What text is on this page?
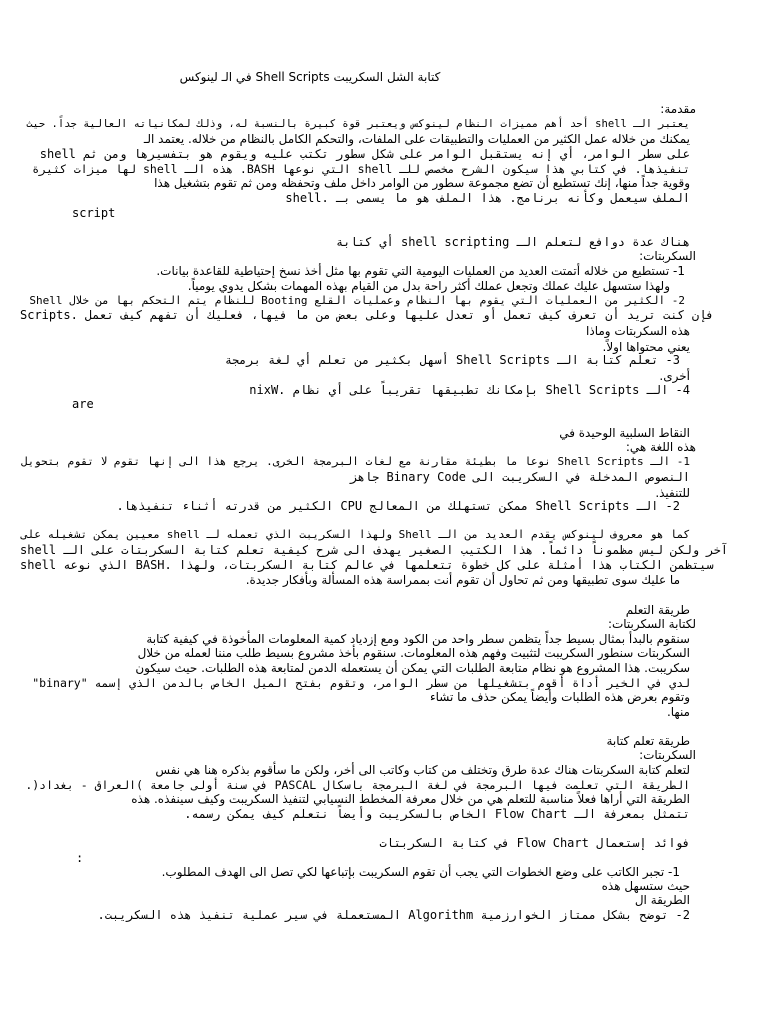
كتابة الشل السكريبت Shell Scripts في الـ لينوكس

مقدمة:

يعتبر الـ shell أحد أهم مميزات النظام لينوكس ويعتبر قوة كبيرة بالنسبة له، وذلك لمكانياته العالية جداً. حيث

يمكنك من خلاله عمل الكثير من العمليات والتطبيقات على الملفات، والتحكم الكامل بالنظام من خلاله. يعتمد الـ

shell على سطر الوامر، أي إنه يستقبل الوامر على شكل سطور تكتب عليه ويقوم هو بتفسيرها ومن ثم

تنفيذها. في كتابي هذا سيكون الشرح مخصص للـ shell التي نوعها BASH. هذه الـ shell لها ميزات كثيرة

وقوية جداً منها، إنك تستطيع أن تضع مجموعة سطور من الوامر داخل ملف وتحفظه ومن ثم تقوم بتشغيل هذا

الملف سيعمل وكأنه برنامج. هذا الملف هو ما يسمى بـ .shell

script

هناك عدة دوافع لتعلم الـ shell scripting أي كتابة

السكربتات:

1- تستطيع من خلاله أتمتت العديد من العمليات اليومية التي تقوم بها مثل أخذ نسخ إحتياطية للقاعدة بيانات.

ولهذا ستسهل عليك عملك وتجعل عملك أكثر راحة بدل من القيام بهذه المهمات بشكل يدوي يومياً.

2- الكثير من العمليات التي يقوم بها النظام وعمليات القلع Booting للنظام يتم التحكم بها من خلال Shell

Scripts. فإن كنت تريد أن تعرف كيف تعمل أو تعدل عليها وعلى بعض من ما فيها، فعليك أن تفهم كيف تعمل

هذه السكربتات وماذا

يعني محتواها اولاً.

3- تعلم كتابة الـ Shell Scripts أسهل بكثير من تعلم أي لغة برمجة

أخرى.

4- الـ Shell Scripts بإمكانك تطبيقها تقريباً على أي نظام .nixW

are

النقاط السلبية الوحيدة في

هذه اللغة هي:

1- الـ Shell Scripts نوعا ما بطيئة مقارنة مع لغات البرمجة الخرى. يرجع هذا الى إنها تقوم لا تقوم بتحويل

النصوص المدخلة في السكريبت الى Binary Code جاهز

للتنفيذ.

2- الـ Shell Scripts ممكن تستهلك من المعالج CPU الكثير من قدرته أثناء تنفيذها.

كما هو معروف لينوكس يقدم العديد من الـ Shell ولهذا السكريبت الذي تعمله لـ shell معيين يمكن تشغيله على

shell آخر ولكن ليس مظموناً دائماً. هذا الكتيب الصغير يهدف الى شرح كيفية تعلم كتابة السكربتات على الـ

shell الذي نوعه BASH. سيتظمن الكتاب هذا أمثلة على كل خطوة تتعلمها في عالم كتابة السكربتات، ولهذا

ما عليك سوى تطبيقها ومن ثم تحاول أن تقوم أنت بممراسة هذه المسألة وبأفكار جديدة.

طريقة التعلم

لكتابة السكربتات:

سنقوم بالبدأ بمثال بسيط جداً يتظمن سطر واحد من الكود ومع إزدياد كمية المعلومات المأخوذة في كيفية كتابة

السكربتات سنطور السكريبت لتثبيت وفهم هذه المعلومات. سنقوم بأخذ مشروع بسيط طلب مننا لعمله من خلال

سكريبت. هذا المشروع هو نظام متابعة الطلبات التي يمكن أن يستعمله الدمن لمتابعة هذه الطلبات. حيث سيكون

لدي في الخير أداة أقوم بتشغيلها من سطر الوامر، وتقوم بفتح الميل الخاص بالدمن الذي إسمه "binary"

وتقوم بعرض هذه الطلبات وأيضاً يمكن حذف ما تشاء

منها.

طريقة تعلم كتابة

السكربتات:

لتعلم كتابة السكربتات هناك عدة طرق وتختلف من كتاب وكاتب الى أخر، ولكن ما سأقوم بذكره هنا هي نفس

الطريقة التي تعلمت فيها البرمجة في لغة البرمجة باسكال PASCAL في سنة أولى جامعة )العراق - بغداد(.

الطريقة التي أراها فعلاً مناسبة للتعلم هي من خلال معرفة المخطط النسيابي لتنفيذ السكريبت وكيف سينفذه. هذه

تتمثل بمعرفة الـ Flow Chart الخاص بالسكريبت وأيضاً نتعلم كيف يمكن رسمه.

فوائد إستعمال Flow Chart في كتابة السكربتات

:

1- تجبر الكاتب على وضع الخطوات التي يجب أن تقوم السكريبت بإتباعها لكي تصل الى الهدف المطلوب.

حيث ستسهل هذه

الطريقة ال

2- توضح بشكل ممتاز الخوارزمية Algorithm المستعملة في سير عملية تنفيذ هذه السكريبت.
